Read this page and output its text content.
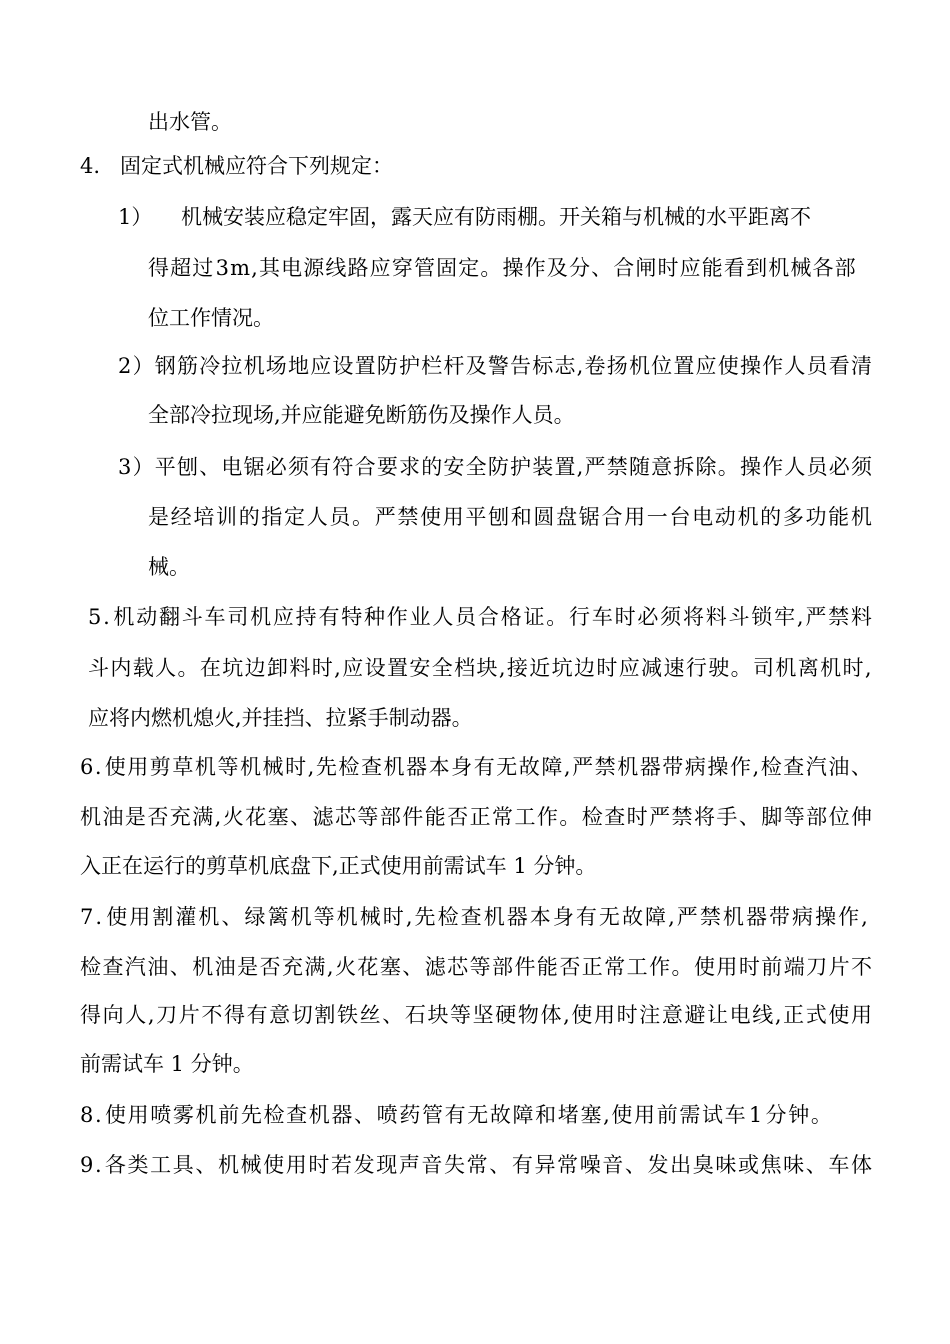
出水管。
4. 固定式机械应符合下列规定：
1） 机械安装应稳定牢固，露天应有防雨棚。开关箱与机械的水平距离不
得 超 过 3 m , 其 电 源 线 路 应 穿 管 固 定 。 操 作 及 分 、 合 闸 时 应 能 看 到 机 械 各 部
位工作情况。
2 ） 钢 筋 冷 拉 机 场 地 应 设 置 防 护 栏 杆 及 警 告 标 志 , 卷 扬 机 位 置 应 使 操 作 人 员 看 清
全部冷拉现场,并应能避免断筋伤及操作人员。
3 ） 平 刨 、 电 锯 必 须 有 符 合 要 求 的 安 全 防 护 装 置 , 严 禁 随 意 拆 除 。 操 作 人 员 必 须
是 经 培 训 的 指 定 人 员 。 严 禁 使 用 平 刨 和 圆 盘 锯 合 用 一 台 电 动 机 的 多 功 能 机
械。
5 . 机 动 翻 斗 车 司 机 应 持 有 特 种 作 业 人 员 合 格 证 。 行 车 时 必 须 将 料 斗 锁 牢 , 严 禁 料
斗 内 载 人 。 在 坑 边 卸 料 时 , 应 设 置 安 全 档 块 , 接 近 坑 边 时 应 减 速 行 驶 。 司 机 离 机 时 ,
应将内燃机熄火,并挂挡、拉紧手制动器。
6 . 使 用 剪 草 机 等 机 械 时 , 先 检 查 机 器 本 身 有 无 故 障 , 严 禁 机 器 带 病 操 作 , 检 查 汽 油 、
机 油 是 否 充 满 , 火 花 塞 、 滤 芯 等 部 件 能 否 正 常 工 作 。 检 查 时 严 禁 将 手 、 脚 等 部 位 伸
入正在运行的剪草机底盘下,正式使用前需试车 1 分钟。
7 . 使 用 割 灌 机 、 绿 篱 机 等 机 械 时 , 先 检 查 机 器 本 身 有 无 故 障 , 严 禁 机 器 带 病 操 作 ,
检 查 汽 油 、 机 油 是 否 充 满 , 火 花 塞 、 滤 芯 等 部 件 能 否 正 常 工 作 。 使 用 时 前 端 刀 片 不
得 向 人 , 刀 片 不 得 有 意 切 割 铁 丝 、 石 块 等 坚 硬 物 体 , 使 用 时 注 意 避 让 电 线 , 正 式 使 用
前需试车 1 分钟。
8 . 使 用 喷 雾 机 前 先 检 查 机 器 、 喷 药 管 有 无 故 障 和 堵 塞 , 使 用 前 需 试 车 1 分 钟 。
9 . 各 类 工 具 、 机 械 使 用 时 若 发 现 声 音 失 常 、 有 异 常 噪 音 、 发 出 臭 味 或 焦 味 、 车 体
